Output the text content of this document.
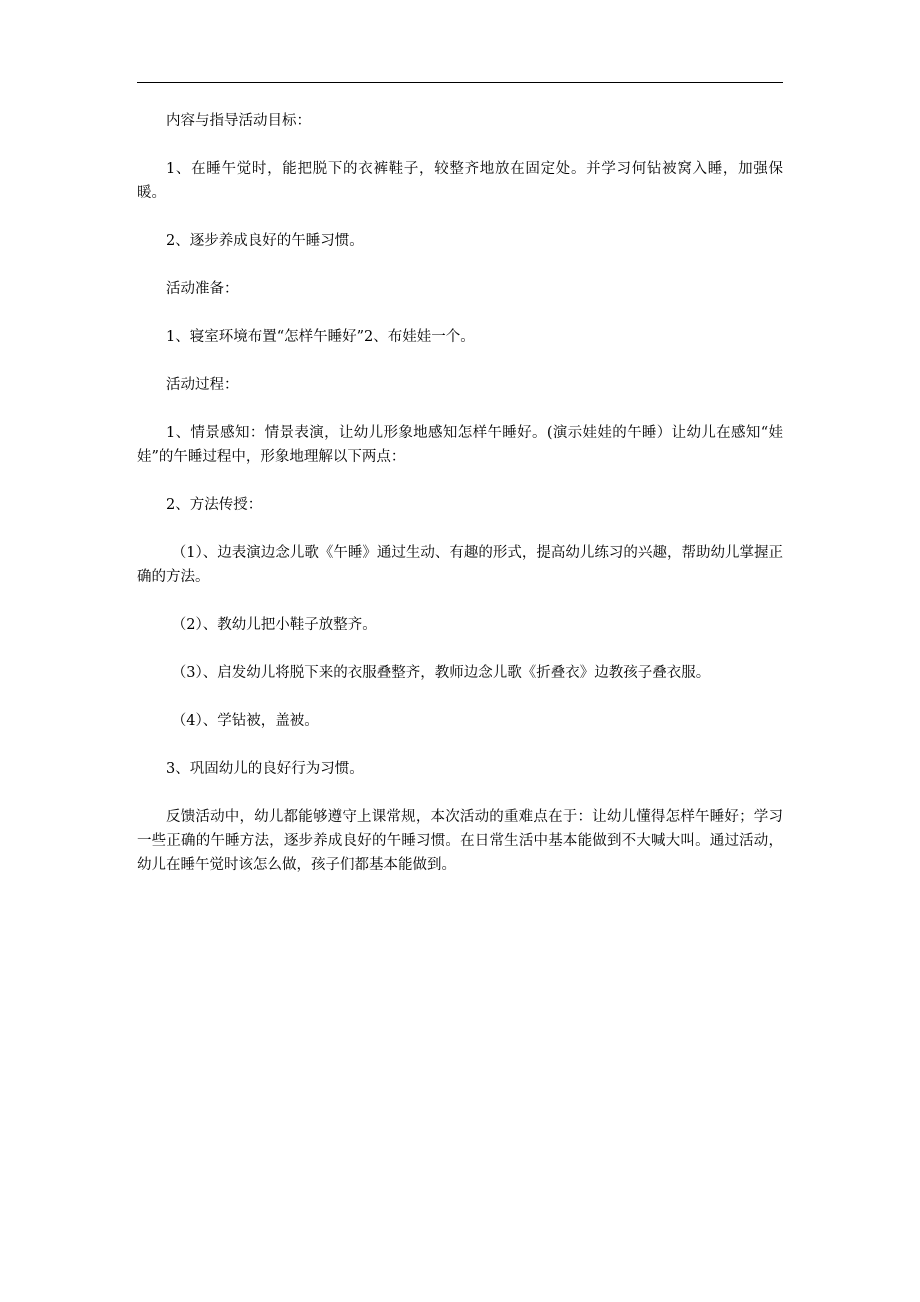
内容与指导活动目标：

1、在睡午觉时，能把脱下的衣裤鞋子，较整齐地放在固定处。并学习何钻被窝入睡，加强保暖。

2、逐步养成良好的午睡习惯。

活动准备：

1、寝室环境布置“怎样午睡好”2、布娃娃一个。

活动过程：

1、情景感知：情景表演，让幼儿形象地感知怎样午睡好。(演示娃娃的午睡）让幼儿在感知“娃娃”的午睡过程中，形象地理解以下两点：

2、方法传授：

（1）、边表演边念儿歌《午睡》通过生动、有趣的形式，提高幼儿练习的兴趣，帮助幼儿掌握正确的方法。

（2）、教幼儿把小鞋子放整齐。

（3）、启发幼儿将脱下来的衣服叠整齐，教师边念儿歌《折叠衣》边教孩子叠衣服。

（4）、学钻被，盖被。

3、巩固幼儿的良好行为习惯。

反馈活动中，幼儿都能够遵守上课常规，本次活动的重难点在于：让幼儿懂得怎样午睡好；学习一些正确的午睡方法，逐步养成良好的午睡习惯。在日常生活中基本能做到不大喊大叫。通过活动，幼儿在睡午觉时该怎么做，孩子们都基本能做到。
